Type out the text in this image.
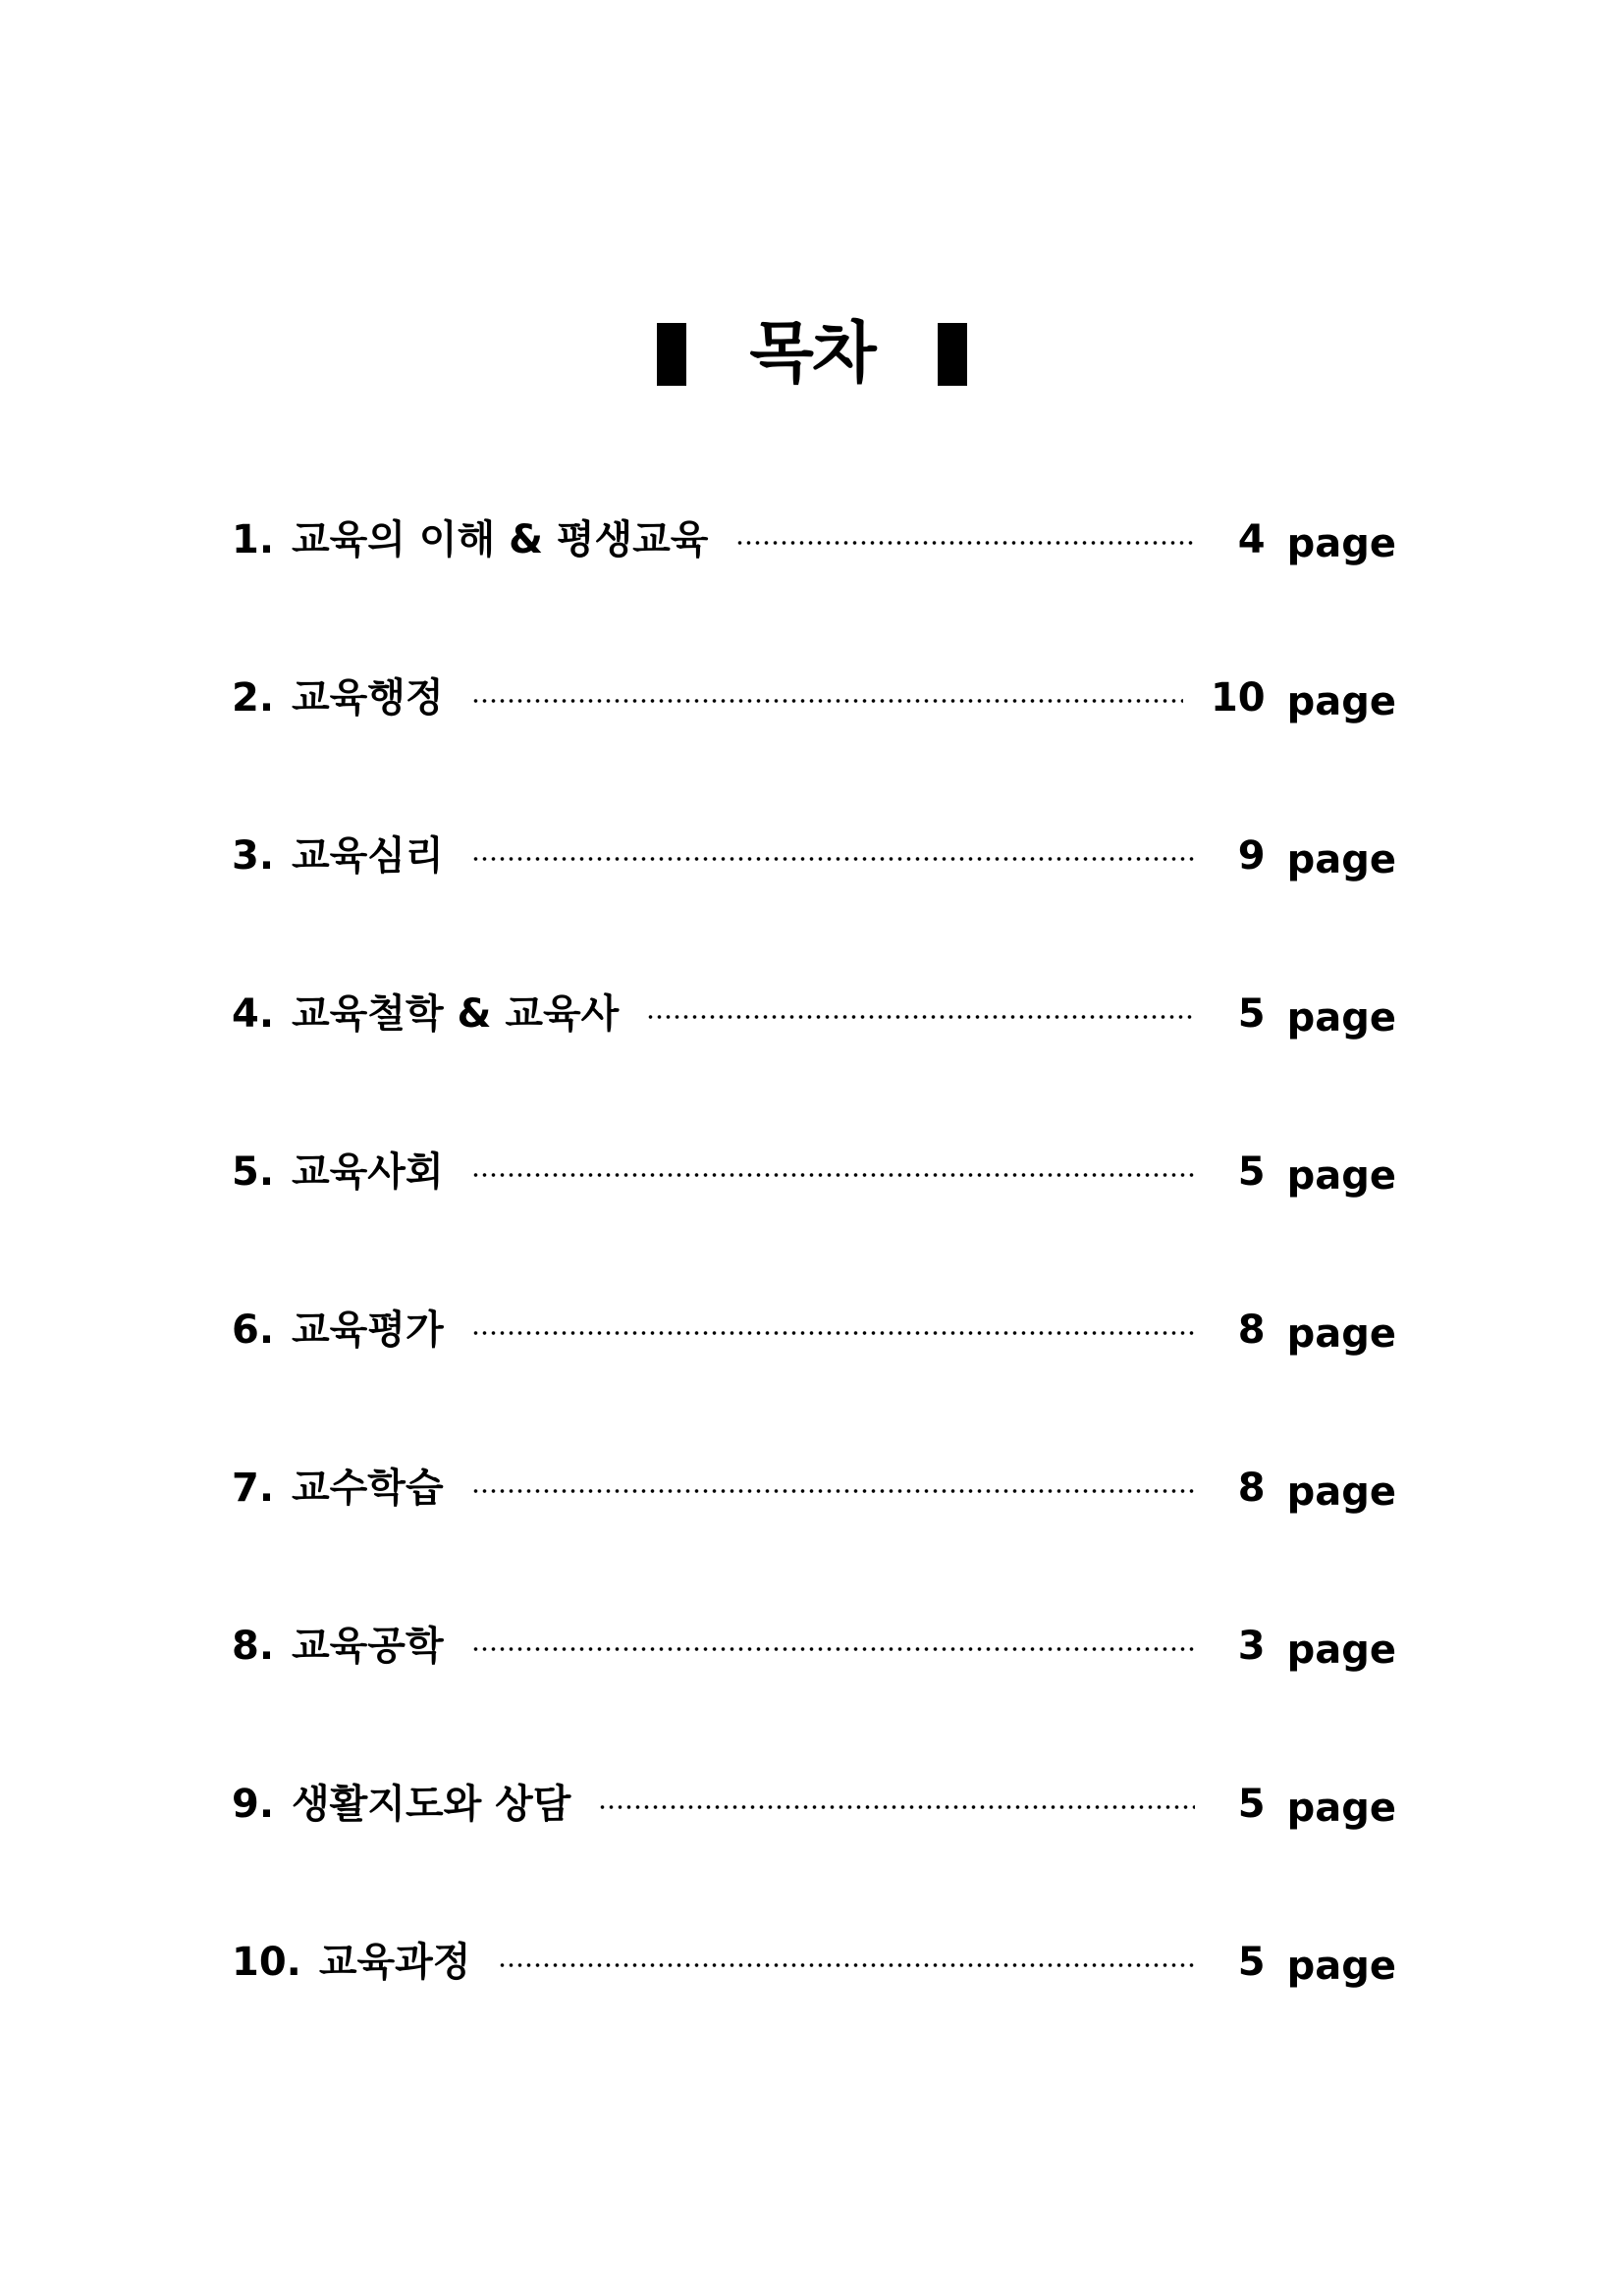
목차
1. 교육의 이해 & 평생교육	4 page
2. 교육행정	10 page
3. 교육심리	9 page
4. 교육철학 & 교육사	5 page
5. 교육사회	5 page
6. 교육평가	8 page
7. 교수학습	8 page
8. 교육공학	3 page
9. 생활지도와 상담	5 page
10. 교육과정	5 page
